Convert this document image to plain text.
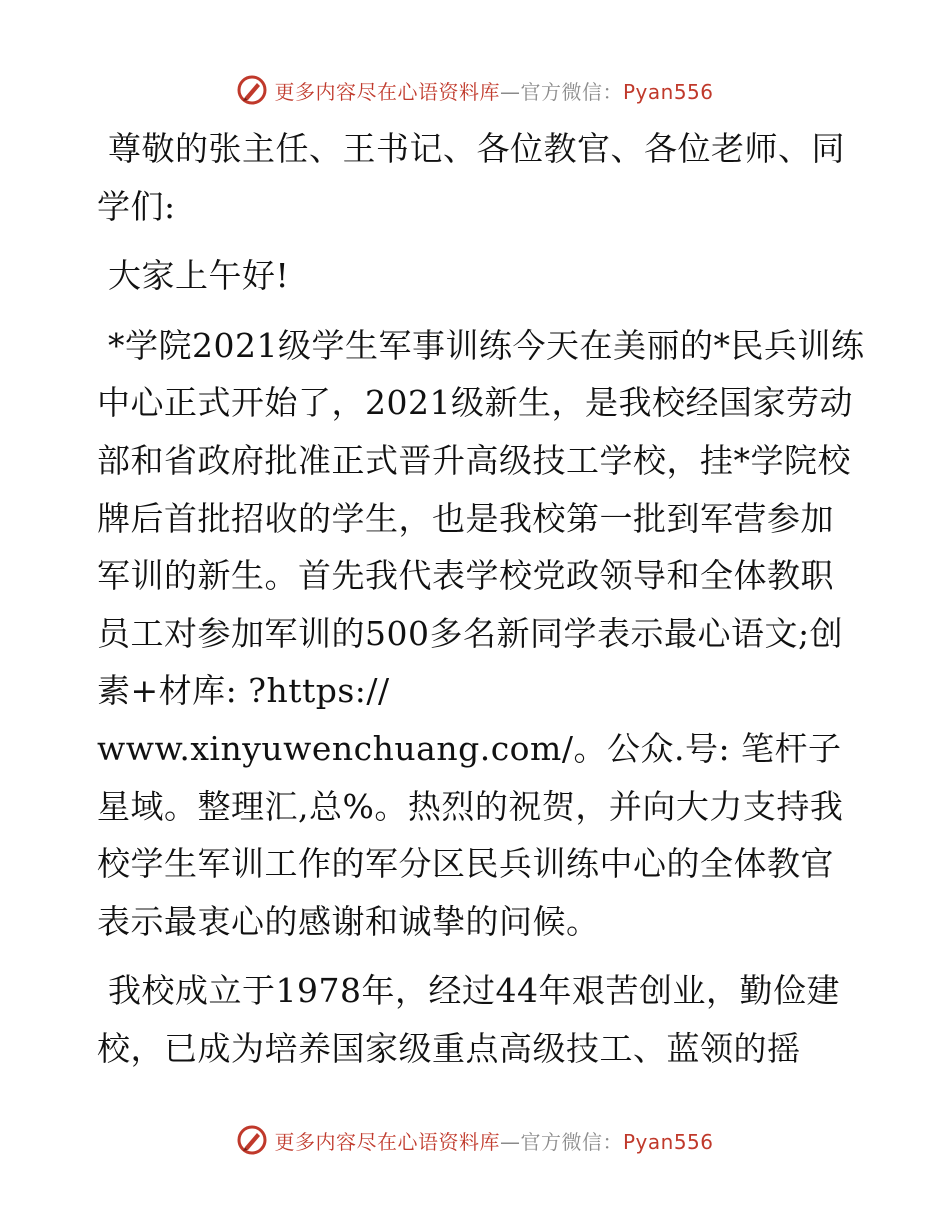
更多内容尽在心语资料库—官方微信：Pyan556

尊敬的张主任、王书记、各位教官、各位老师、同学们:

大家上午好!

*学院2021级学生军事训练今天在美丽的*民兵训练中心正式开始了，2021级新生，是我校经国家劳动部和省政府批准正式晋升高级技工学校，挂*学院校牌后首批招收的学生，也是我校第一批到军营参加军训的新生。首先我代表学校党政领导和全体教职员工对参加军训的500多名新同学表示最心语文;创素+材库: ?https://
www.xinyuwenchuang.com/。公众.号: 笔杆子星域。整理汇,总%。热烈的祝贺，并向大力支持我校学生军训工作的军分区民兵训练中心的全体教官表示最衷心的感谢和诚挚的问候。

我校成立于1978年，经过44年艰苦创业，勤俭建校，已成为培养国家级重点高级技工、蓝领的摇

更多内容尽在心语资料库—官方微信：Pyan556
